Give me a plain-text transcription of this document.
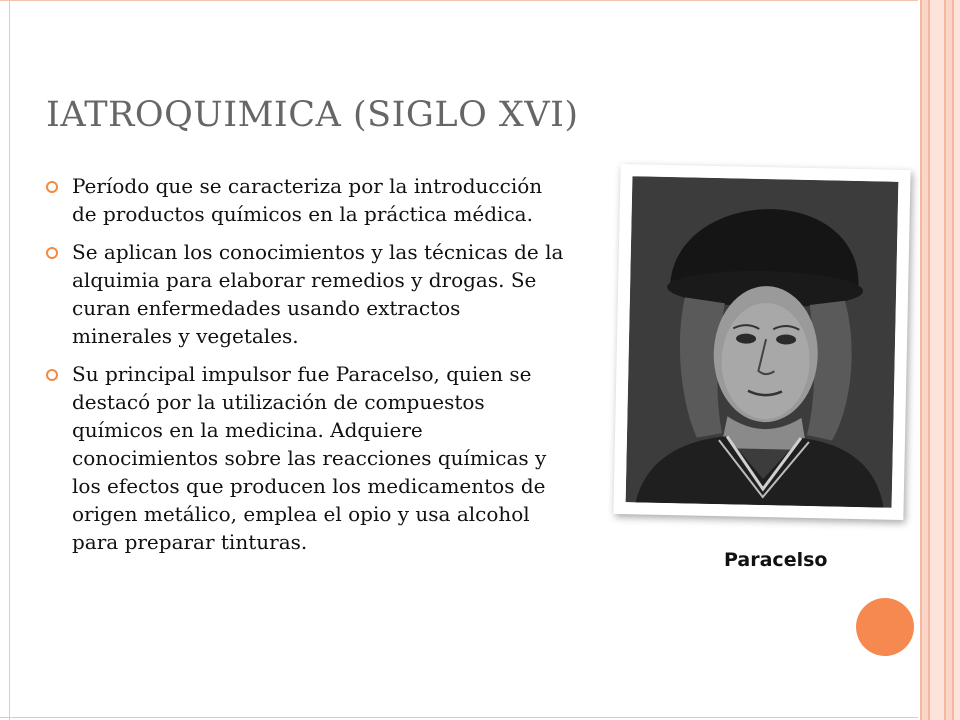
IATROQUIMICA (SIGLO XVI)
Período que se caracteriza por la introducción de productos químicos en la práctica médica.
Se aplican los conocimientos y las técnicas de la alquimia para elaborar remedios y drogas. Se curan enfermedades usando extractos minerales y vegetales.
Su principal impulsor fue Paracelso, quien se destacó por la utilización de compuestos químicos en la medicina. Adquiere conocimientos sobre las reacciones químicas y los efectos que producen los medicamentos de origen metálico, emplea el opio y usa alcohol para preparar tinturas.
Paracelso
